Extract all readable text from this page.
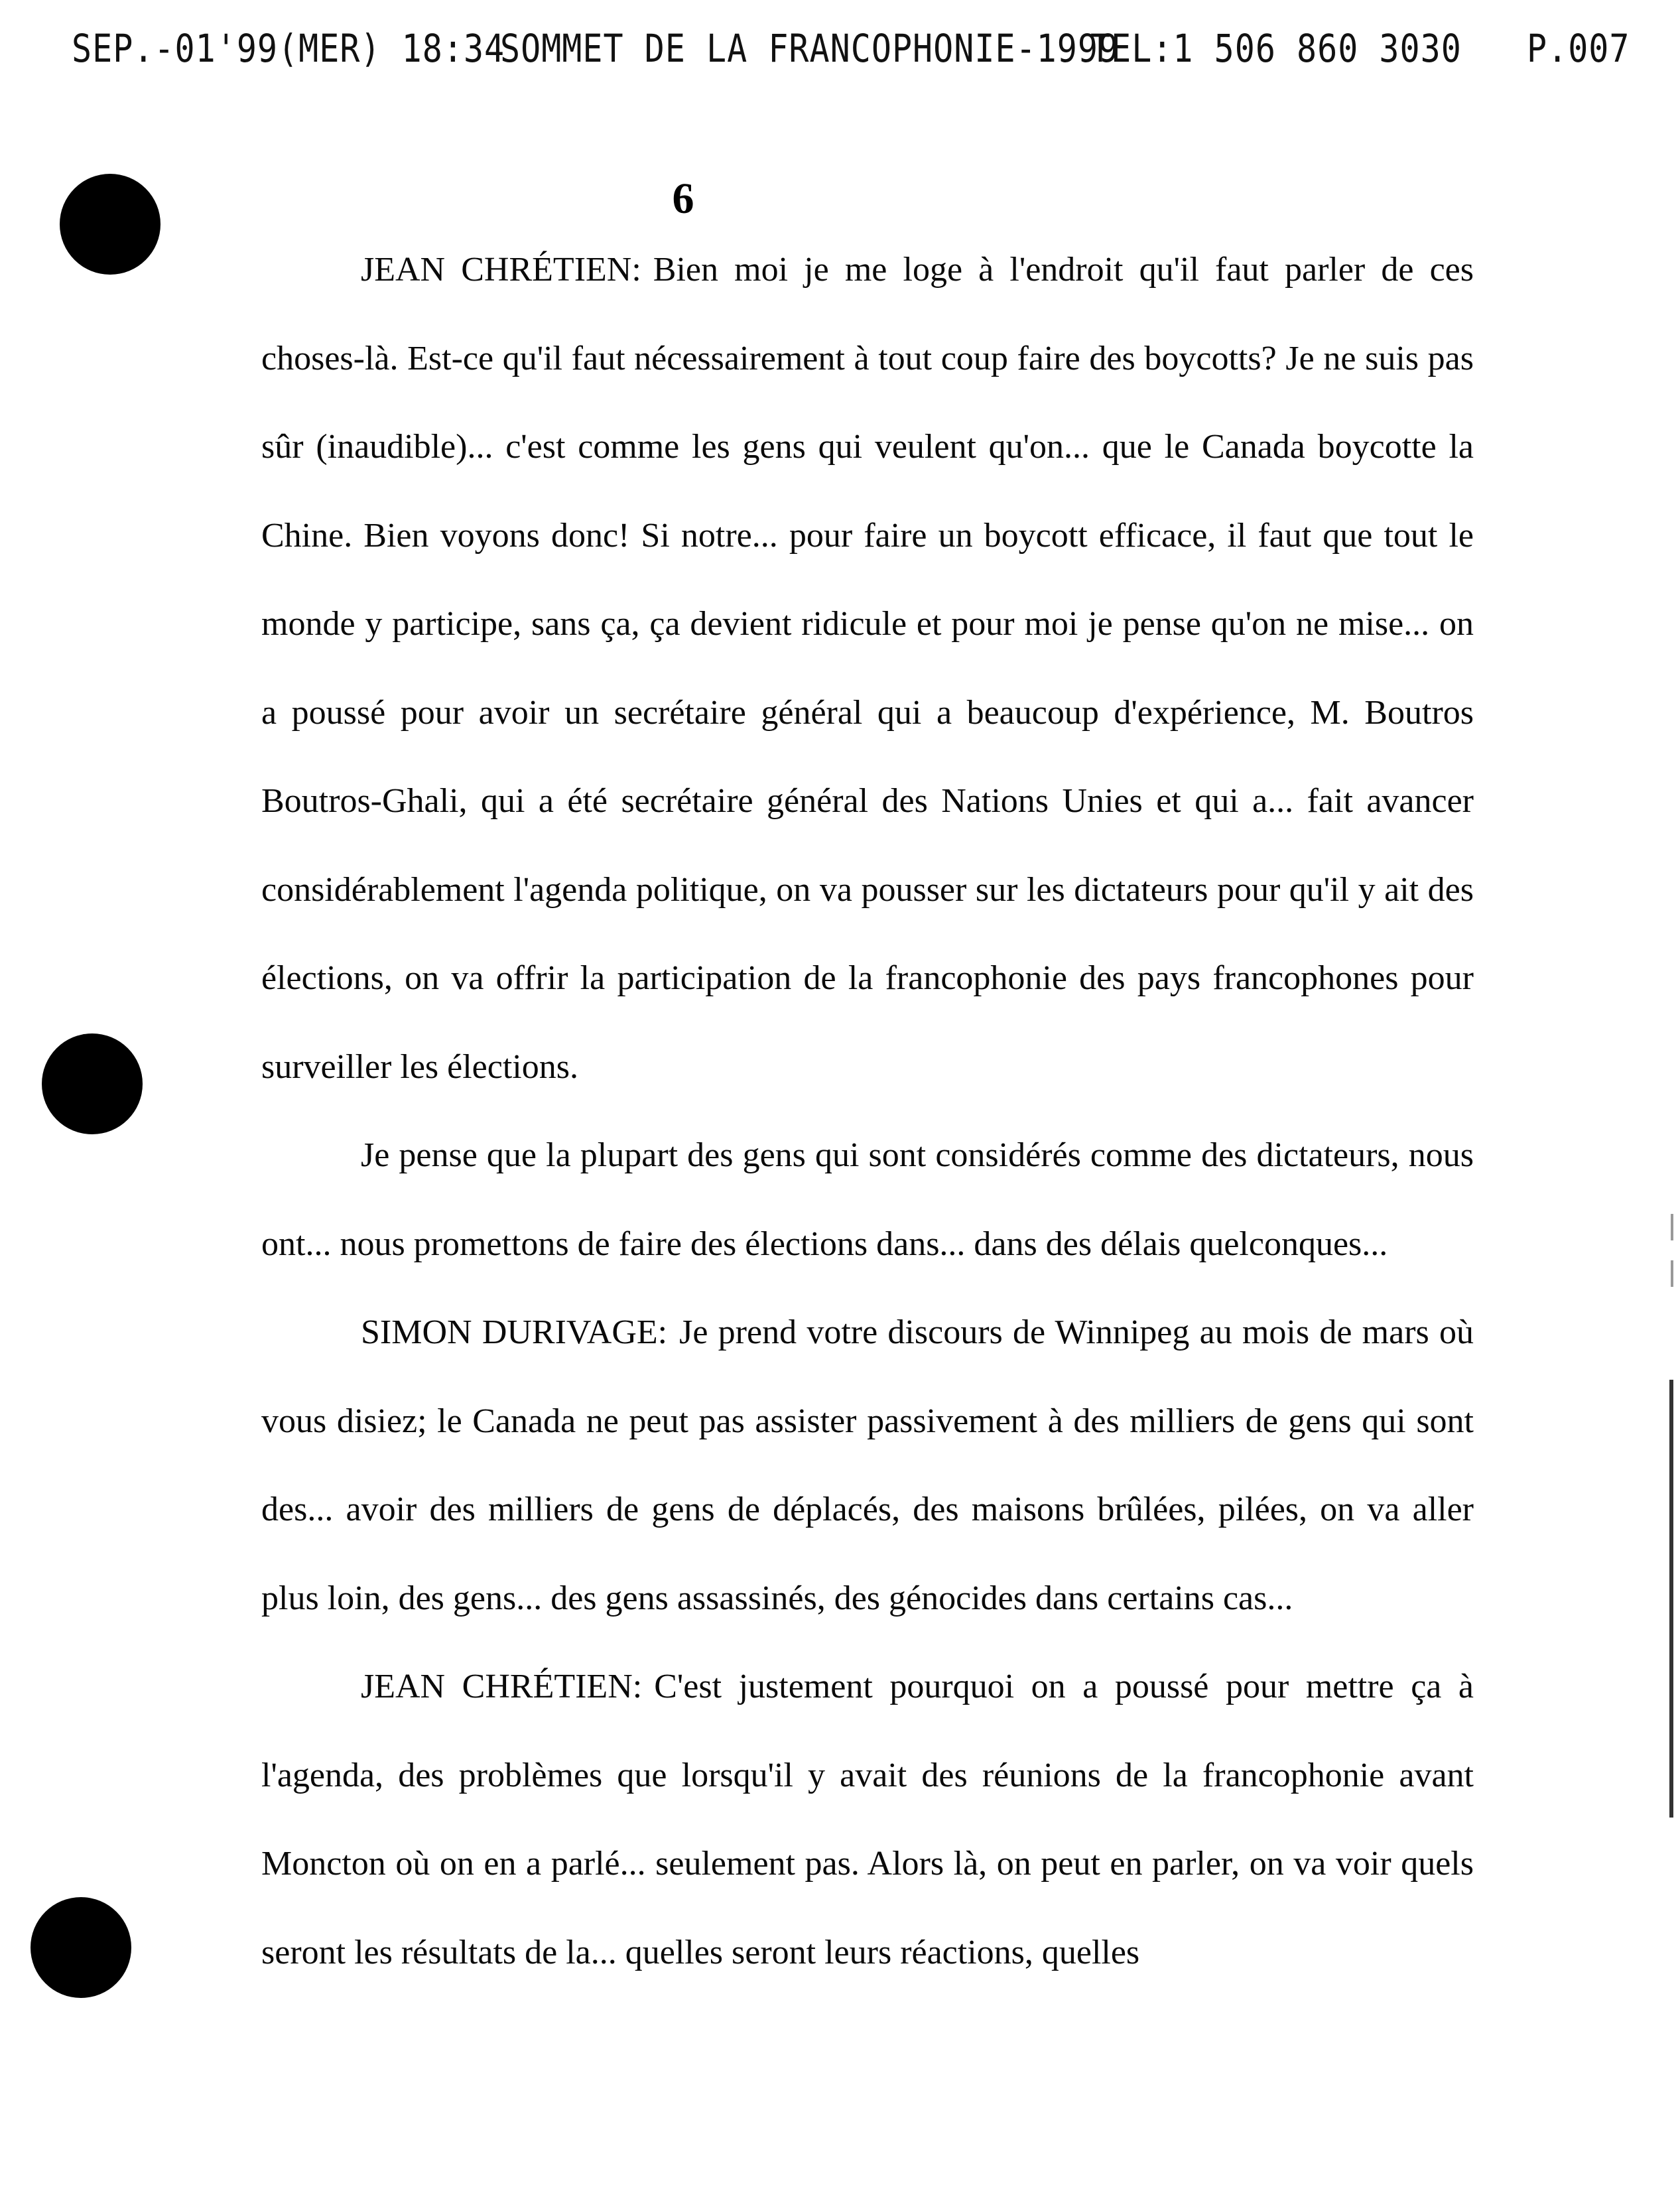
SEP.-01'99(MER) 18:34
SOMMET DE LA FRANCOPHONIE-1999
TEL:1 506 860 3030 P.007
6

JEAN CHRÉTIEN: Bien moi je me loge à l'endroit qu'il faut parler de ces choses-là. Est-ce qu'il faut nécessairement à tout coup faire des boycotts? Je ne suis pas sûr (inaudible)... c'est comme les gens qui veulent qu'on... que le Canada boycotte la Chine. Bien voyons donc! Si notre... pour faire un boycott efficace, il faut que tout le monde y participe, sans ça, ça devient ridicule et pour moi je pense qu'on ne mise... on a poussé pour avoir un secrétaire général qui a beaucoup d'expérience, M. Boutros Boutros-Ghali, qui a été secrétaire général des Nations Unies et qui a... fait avancer considérablement l'agenda politique, on va pousser sur les dictateurs pour qu'il y ait des élections, on va offrir la participation de la francophonie des pays francophones pour surveiller les élections.

Je pense que la plupart des gens qui sont considérés comme des dictateurs, nous ont... nous promettons de faire des élections dans... dans des délais quelconques...

SIMON DURIVAGE: Je prend votre discours de Winnipeg au mois de mars où vous disiez; le Canada ne peut pas assister passivement à des milliers de gens qui sont des... avoir des milliers de gens de déplacés, des maisons brûlées, pilées, on va aller plus loin, des gens... des gens assassinés, des génocides dans certains cas...

JEAN CHRÉTIEN: C'est justement pourquoi on a poussé pour mettre ça à l'agenda, des problèmes que lorsqu'il y avait des réunions de la francophonie avant Moncton où on en a parlé... seulement pas. Alors là, on peut en parler, on va voir quels seront les résultats de la... quelles seront leurs réactions, quelles
